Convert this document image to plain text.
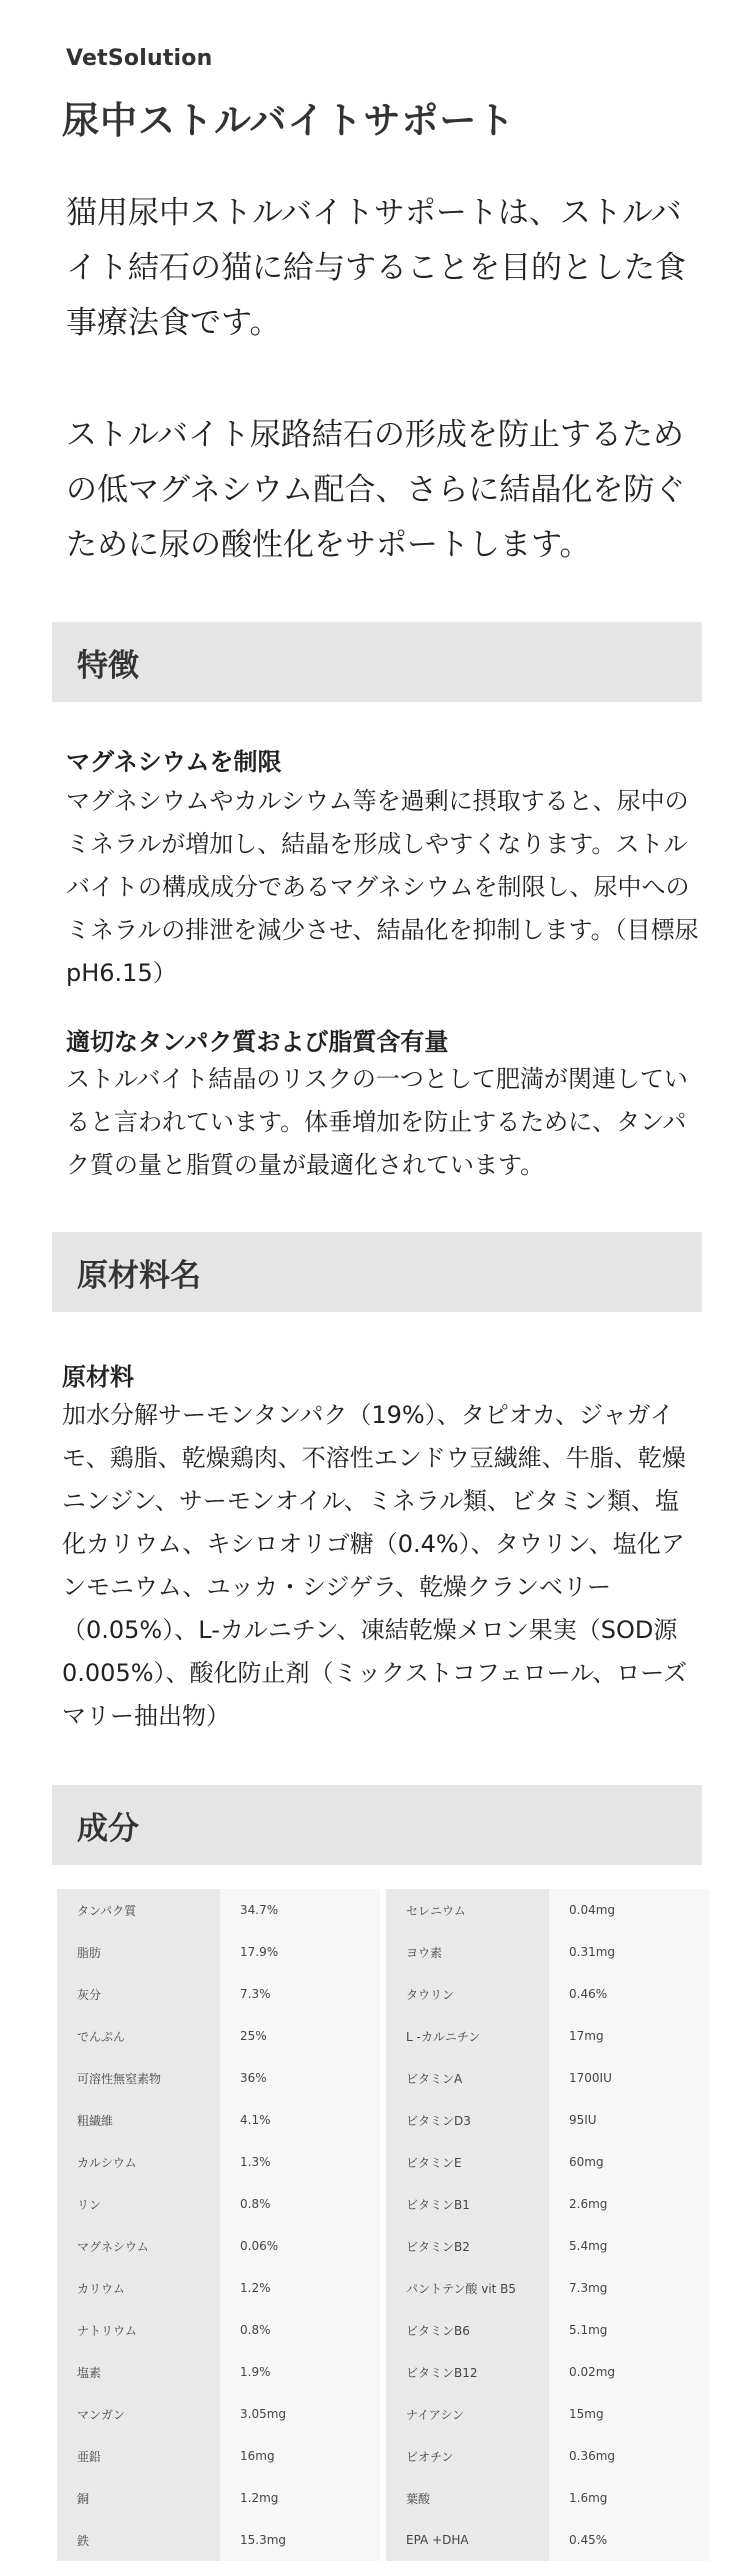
VetSolution
尿中ストルバイトサポート

猫用尿中ストルバイトサポートは、ストルバイト結石の猫に給与することを目的とした食事療法食です。

ストルバイト尿路結石の形成を防止するための低マグネシウム配合、さらに結晶化を防ぐために尿の酸性化をサポートします。

特徴
マグネシウムを制限

マグネシウムやカルシウム等を過剰に摂取すると、尿中のミネラルが増加し、結晶を形成しやすくなります。ストルバイトの構成成分であるマグネシウムを制限し、尿中へのミネラルの排泄を減少させ、結晶化を抑制します。（目標尿pH6.15）

適切なタンパク質および脂質含有量

ストルバイト結晶のリスクの一つとして肥満が関連していると言われています。体垂増加を防止するために、タンパク質の量と脂質の量が最適化されています。

原材料名
原材料

加水分解サーモンタンパク（19%）、タピオカ、ジャガイモ、鶏脂、乾燥鶏肉、不溶性エンドウ豆繊維、牛脂、乾燥ニンジン、サーモンオイル、ミネラル類、ビタミン類、塩化カリウム、キシロオリゴ糖（0.4%）、タウリン、塩化アンモニウム、ユッカ・シジゲラ、乾燥クランベリー（0.05%）、L-カルニチン、凍結乾燥メロン果実（SOD源0.005%）、酸化防止剤（ミックストコフェロール、ローズマリー抽出物）

成分
タンパク質	34.7%		セレニウム	0.04mg
脂肪	17.9%		ヨウ素	0.31mg
灰分	7.3%		タウリン	0.46%
でんぷん	25%		L -カルニチン	17mg
可溶性無窒素物	36%		ビタミンA	1700IU
粗繊維	4.1%		ビタミンD3	95IU
カルシウム	1.3%		ビタミンE	60mg
リン	0.8%		ビタミンB1	2.6mg
マグネシウム	0.06%		ビタミンB2	5.4mg
カリウム	1.2%		パントテン酸 vit B5	7.3mg
ナトリウム	0.8%		ビタミンB6	5.1mg
塩素	1.9%		ビタミンB12	0.02mg
マンガン	3.05mg		ナイアシン	15mg
亜鉛	16mg		ビオチン	0.36mg
銅	1.2mg		葉酸	1.6mg
鉄	15.3mg		EPA +DHA	0.45%
